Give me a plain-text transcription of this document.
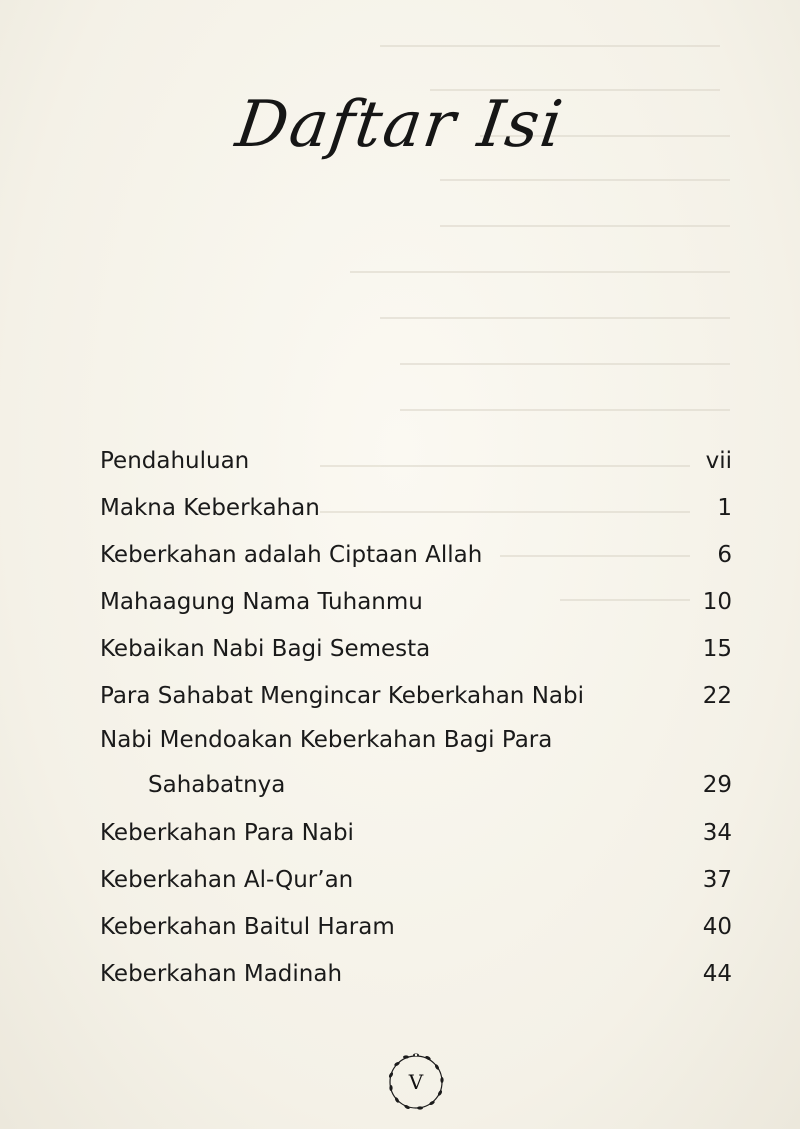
Daftar Isi
Pendahuluan	vii
Makna Keberkahan	1
Keberkahan adalah Ciptaan Allah	6
Mahaagung Nama Tuhanmu	10
Kebaikan Nabi Bagi Semesta	15
Para Sahabat Mengincar Keberkahan Nabi	22
Nabi Mendoakan Keberkahan Bagi Para
Sahabatnya	29
Keberkahan Para Nabi	34
Keberkahan Al-Qur’an	37
Keberkahan Baitul Haram	40
Keberkahan Madinah	44
V
